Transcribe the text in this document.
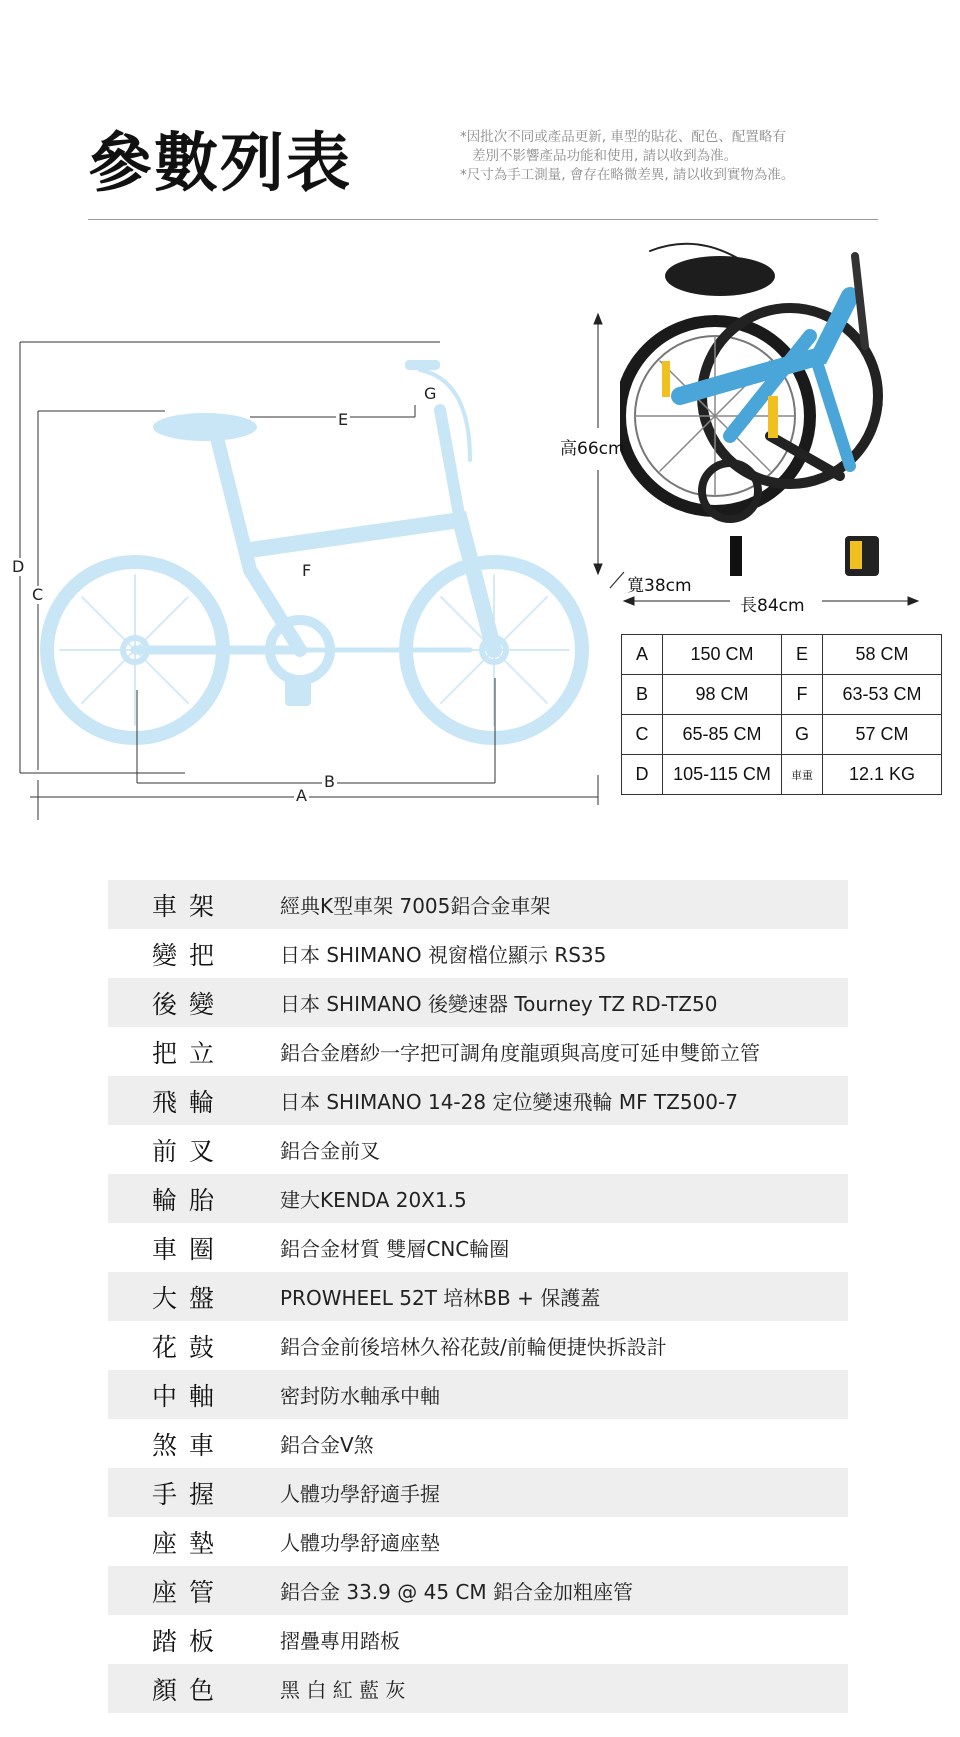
參數列表	*因批次不同或產品更新, 車型的貼花、配色、配置略有
差別不影響產品功能和使用, 請以收到為准。
*尺寸為手工測量, 會存在略微差異, 請以收到實物為准。
G
E
D
C
F
B
A
高66cm
寬38cm
長84cm
A	150 CM	E	58 CM
B	98 CM	F	63-53 CM
C	65-85 CM	G	57 CM
D	105-115 CM	車重	12.1 KG
車架	經典K型車架 7005鋁合金車架
變把	日本 SHIMANO 視窗檔位顯示 RS35
後變	日本 SHIMANO 後變速器 Tourney TZ RD-TZ50
把立	鋁合金磨紗一字把可調角度龍頭與高度可延申雙節立管
飛輪	日本 SHIMANO 14-28 定位變速飛輪 MF TZ500-7
前叉	鋁合金前叉
輪胎	建大KENDA 20X1.5
車圈	鋁合金材質 雙層CNC輪圈
大盤	PROWHEEL 52T 培林BB + 保護蓋
花鼓	鋁合金前後培林久裕花鼓/前輪便捷快拆設計
中軸	密封防水軸承中軸
煞車	鋁合金V煞
手握	人體功學舒適手握
座墊	人體功學舒適座墊
座管	鋁合金 33.9 @ 45 CM 鋁合金加粗座管
踏板	摺疊專用踏板
顏色	黑 白 紅 藍 灰
